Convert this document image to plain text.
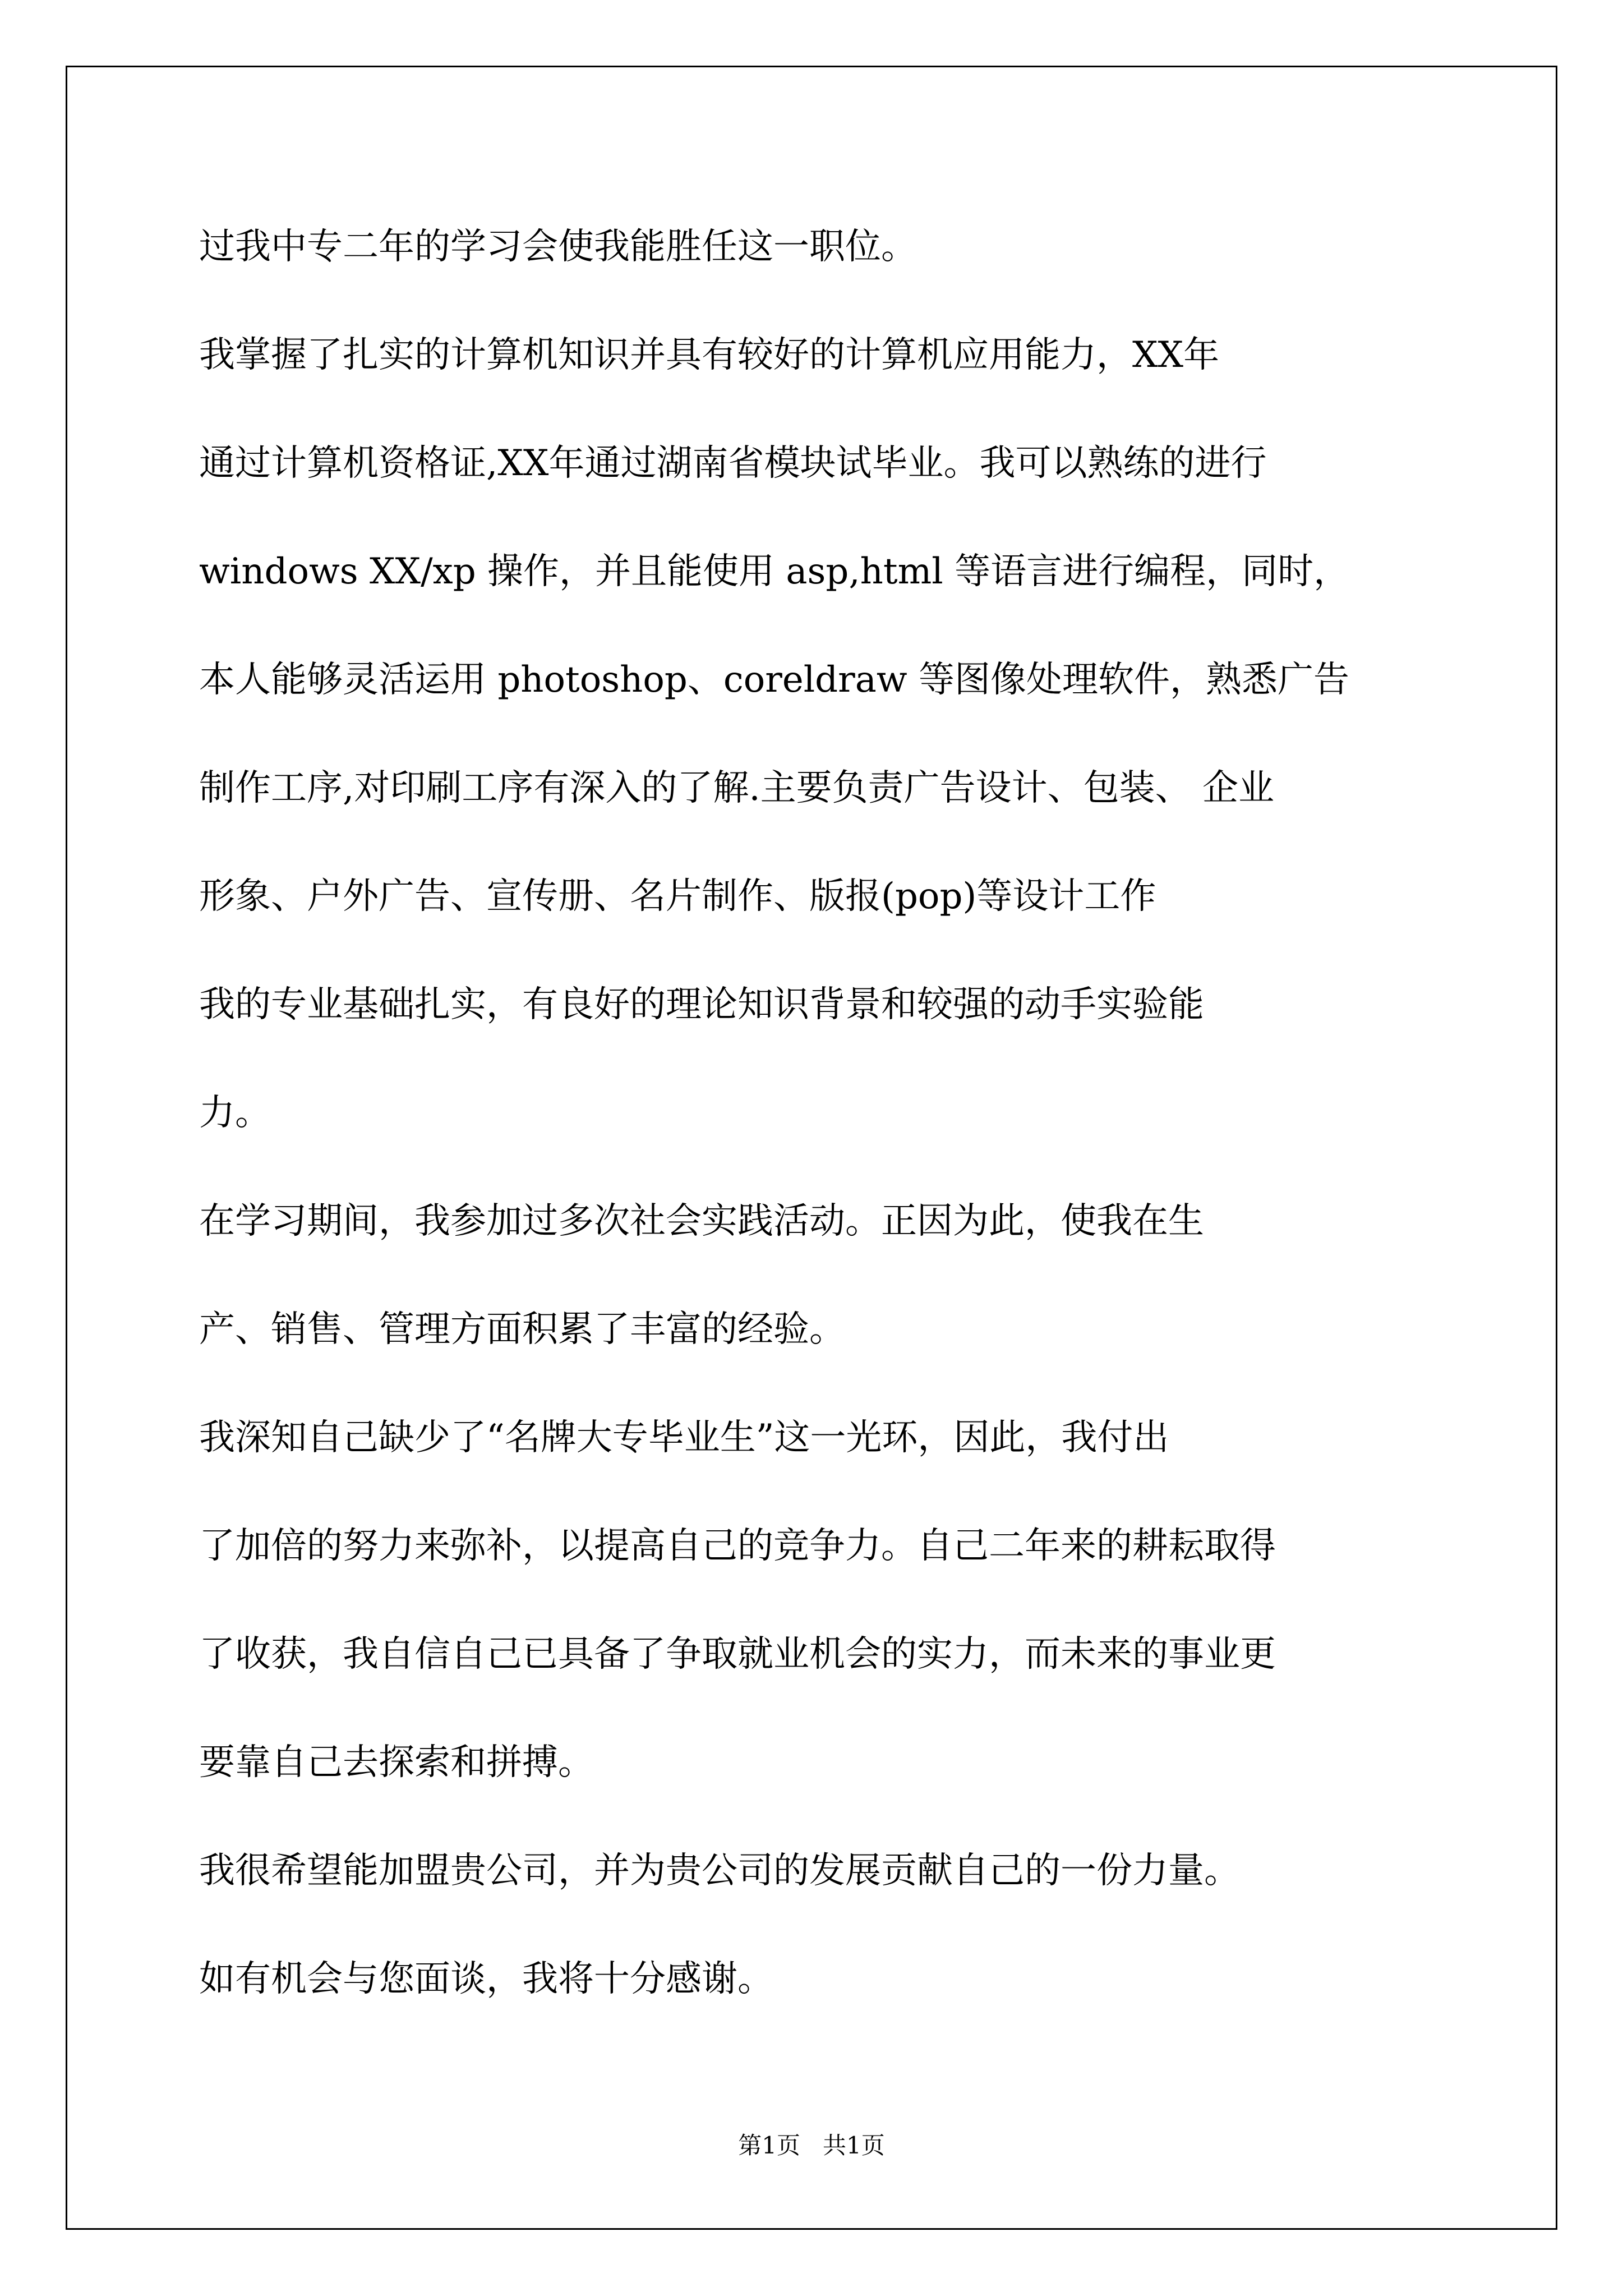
过我中专二年的学习会使我能胜任这一职位。
我掌握了扎实的计算机知识并具有较好的计算机应用能力，XX年
通过计算机资格证,XX年通过湖南省模块试毕业。我可以熟练的进行
windows XX/xp 操作，并且能使用 asp,html 等语言进行编程，同时，
本人能够灵活运用 photoshop、coreldraw 等图像处理软件，熟悉广告
制作工序,对印刷工序有深入的了解.主要负责广告设计、包装、 企业
形象、户外广告、宣传册、名片制作、版报(pop)等设计工作
我的专业基础扎实，有良好的理论知识背景和较强的动手实验能
力。
在学习期间，我参加过多次社会实践活动。正因为此，使我在生
产、销售、管理方面积累了丰富的经验。
我深知自己缺少了“名牌大专毕业生”这一光环，因此，我付出
了加倍的努力来弥补，以提高自己的竞争力。自己二年来的耕耘取得
了收获，我自信自己已具备了争取就业机会的实力，而未来的事业更
要靠自己去探索和拼搏。
我很希望能加盟贵公司，并为贵公司的发展贡献自己的一份力量。
如有机会与您面谈，我将十分感谢。
第1页   共1页
